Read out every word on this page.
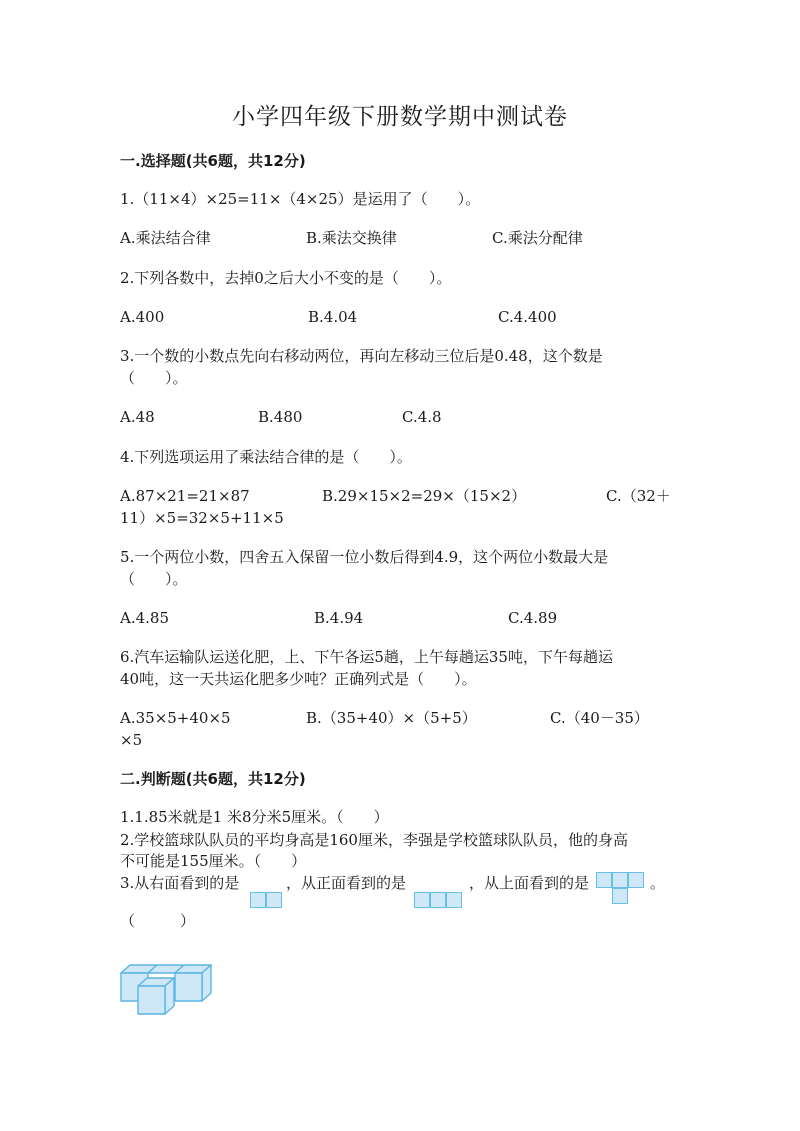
小学四年级下册数学期中测试卷
一.选择题(共6题，共12分)
1.（11×4）×25=11×（4×25）是运用了（　　）。
A.乘法结合律	B.乘法交换律	C.乘法分配律
2.下列各数中，去掉0之后大小不变的是（　　）。
A.400	B.4.04	C.4.400
3.一个数的小数点先向右移动两位，再向左移动三位后是0.48，这个数是
（　　）。
A.48	B.480	C.4.8
4.下列选项运用了乘法结合律的是（　　）。
A.87×21=21×87	B.29×15×2=29×（15×2）	C.（32＋
11）×5=32×5+11×5
5.一个两位小数，四舍五入保留一位小数后得到4.9，这个两位小数最大是
（　　）。
A.4.85	B.4.94	C.4.89
6.汽车运输队运送化肥，上、下午各运5趟，上午每趟运35吨，下午每趟运
40吨，这一天共运化肥多少吨？正确列式是（　　）。
A.35×5+40×5	B.（35+40）×（5+5）	C.（40－35）
×5
二.判断题(共6题，共12分)
1.1.85米就是1 米8分米5厘米。（　　）
2.学校篮球队队员的平均身高是160厘米，李强是学校篮球队队员，他的身高
不可能是155厘米。（　　）
3.从右面看到的是	，从正面看到的是	，从上面看到的是	。
（　　　）
